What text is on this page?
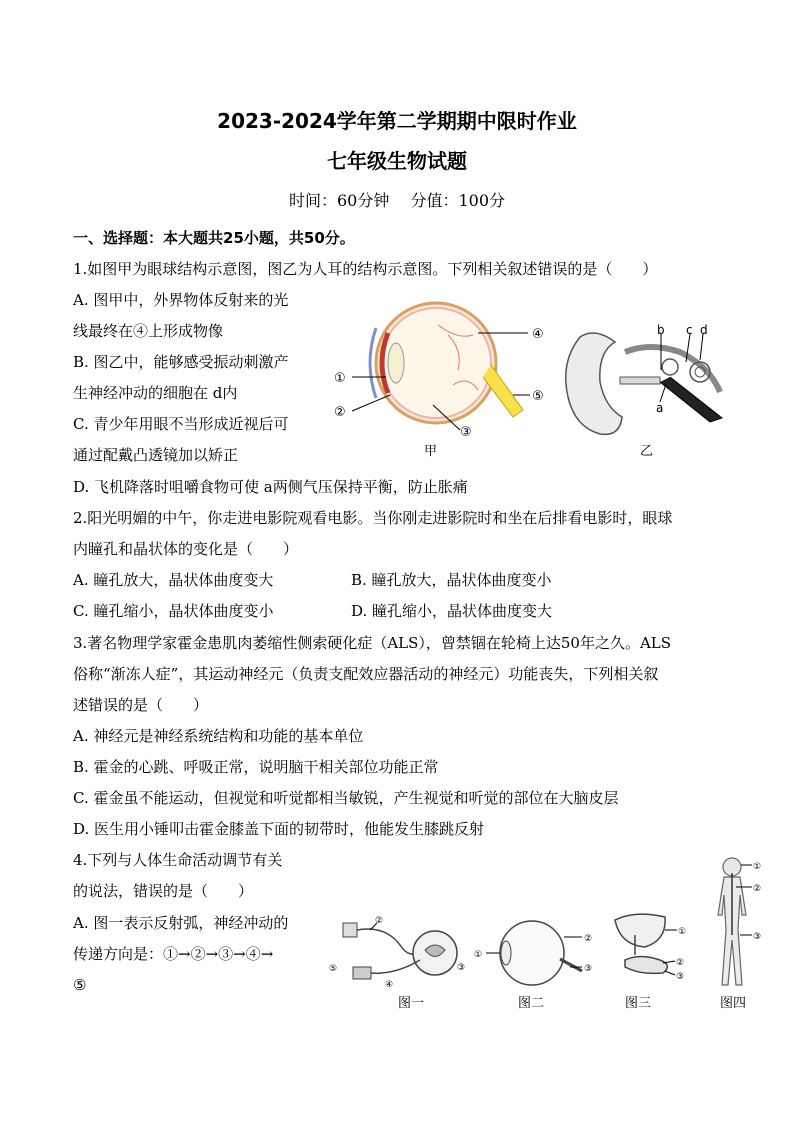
2023-2024学年第二学期期中限时作业
七年级生物试题
时间：60分钟 分值：100分
一、选择题：本大题共25小题，共50分。
1.如图甲为眼球结构示意图，图乙为人耳的结构示意图。下列相关叙述错误的是（　　）
A. 图甲中，外界物体反射来的光
线最终在④上形成物像
B. 图乙中，能够感受振动刺激产
生神经冲动的细胞在 d内
C. 青少年用眼不当形成近视后可
通过配戴凸透镜加以矫正
D. 飞机降落时咀嚼食物可使 a两侧气压保持平衡，防止胀痛
①
②
③
④
⑤
甲
b c d
a
乙
2.阳光明媚的中午，你走进电影院观看电影。当你刚走进影院时和坐在后排看电影时，眼球
内瞳孔和晶状体的变化是（　　）
A. 瞳孔放大，晶状体曲度变大	B. 瞳孔放大，晶状体曲度变小
C. 瞳孔缩小，晶状体曲度变小	D. 瞳孔缩小，晶状体曲度变大
3.著名物理学家霍金患肌肉萎缩性侧索硬化症（ALS），曾禁锢在轮椅上达50年之久。ALS
俗称“渐冻人症”，其运动神经元（负责支配效应器活动的神经元）功能丧失，下列相关叙
述错误的是（　　）
A. 神经元是神经系统结构和功能的基本单位
B. 霍金的心跳、呼吸正常，说明脑干相关部位功能正常
C. 霍金虽不能运动，但视觉和听觉都相当敏锐，产生视觉和听觉的部位在大脑皮层
D. 医生用小锤叩击霍金膝盖下面的韧带时，他能发生膝跳反射
4.下列与人体生命活动调节有关
的说法，错误的是（　　）
A. 图一表示反射弧，神经冲动的
传递方向是：①→②→③→④→
⑤
②
⑤
④
③
图一
①
②
③
图二
①
②
③
图三
①
②
③
图四
